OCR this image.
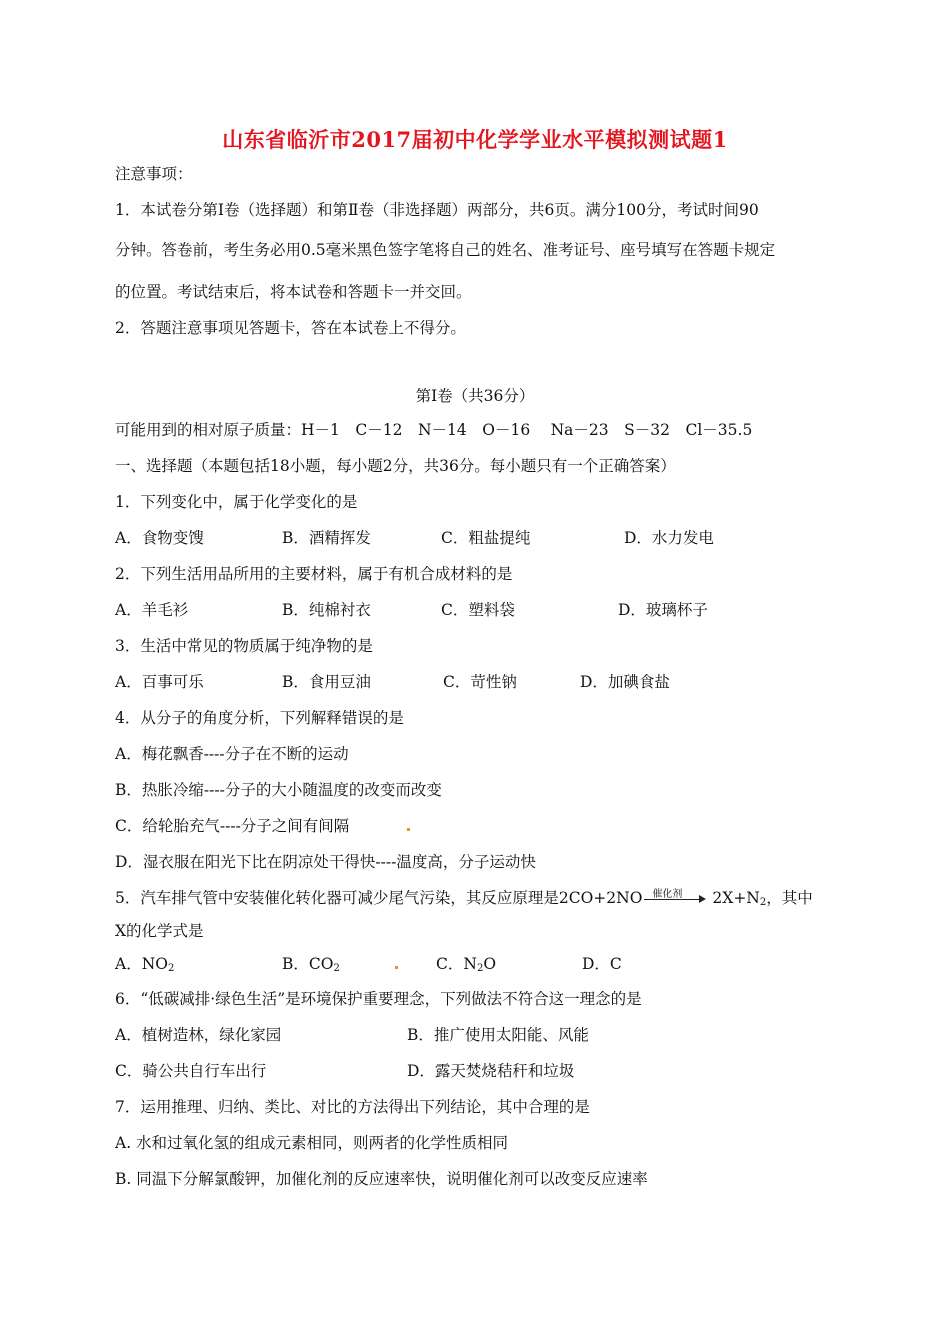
山东省临沂市2017届初中化学学业水平模拟测试题1
注意事项：
1．本试卷分第Ⅰ卷（选择题）和第Ⅱ卷（非选择题）两部分，共6页。满分100分，考试时间90
分钟。答卷前，考生务必用0.5毫米黑色签字笔将自己的姓名、准考证号、座号填写在答题卡规定
的位置。考试结束后，将本试卷和答题卡一并交回。
2．答题注意事项见答题卡，答在本试卷上不得分。
第Ⅰ卷（共36分）
可能用到的相对原子质量：H－1　C－12　N－14　O－16　 Na－23　S－32　Cl－35.5
一、选择题（本题包括18小题，每小题2分，共36分。每小题只有一个正确答案）
1．下列变化中，属于化学变化的是
A．食物变馊	B．酒精挥发	C．粗盐提纯	D．水力发电
2．下列生活用品所用的主要材料，属于有机合成材料的是
A．羊毛衫	B．纯棉衬衣	C．塑料袋	D．玻璃杯子
3．生活中常见的物质属于纯净物的是
A．百事可乐	B．食用豆油	C．苛性钠	D．加碘食盐
4．从分子的角度分析，下列解释错误的是
A．梅花飘香----分子在不断的运动
B．热胀冷缩----分子的大小随温度的改变而改变
C．给轮胎充气----分子之间有间隔
D．湿衣服在阳光下比在阴凉处干得快----温度高，分子运动快
5．汽车排气管中安装催化转化器可减少尾气污染，其反应原理是2CO+2NO 催化剂 $2X+N_2$，其中
X的化学式是
A．$NO_2$	B．$CO_2$	C．$N_2O$	D．C
6．“低碳减排·绿色生活”是环境保护重要理念，下列做法不符合这一理念的是
A．植树造林，绿化家园	B．推广使用太阳能、风能
C．骑公共自行车出行	D．露天焚烧秸秆和垃圾
7．运用推理、归纳、类比、对比的方法得出下列结论，其中合理的是
A. 水和过氧化氢的组成元素相同，则两者的化学性质相同
B. 同温下分解氯酸钾，加催化剂的反应速率快，说明催化剂可以改变反应速率
